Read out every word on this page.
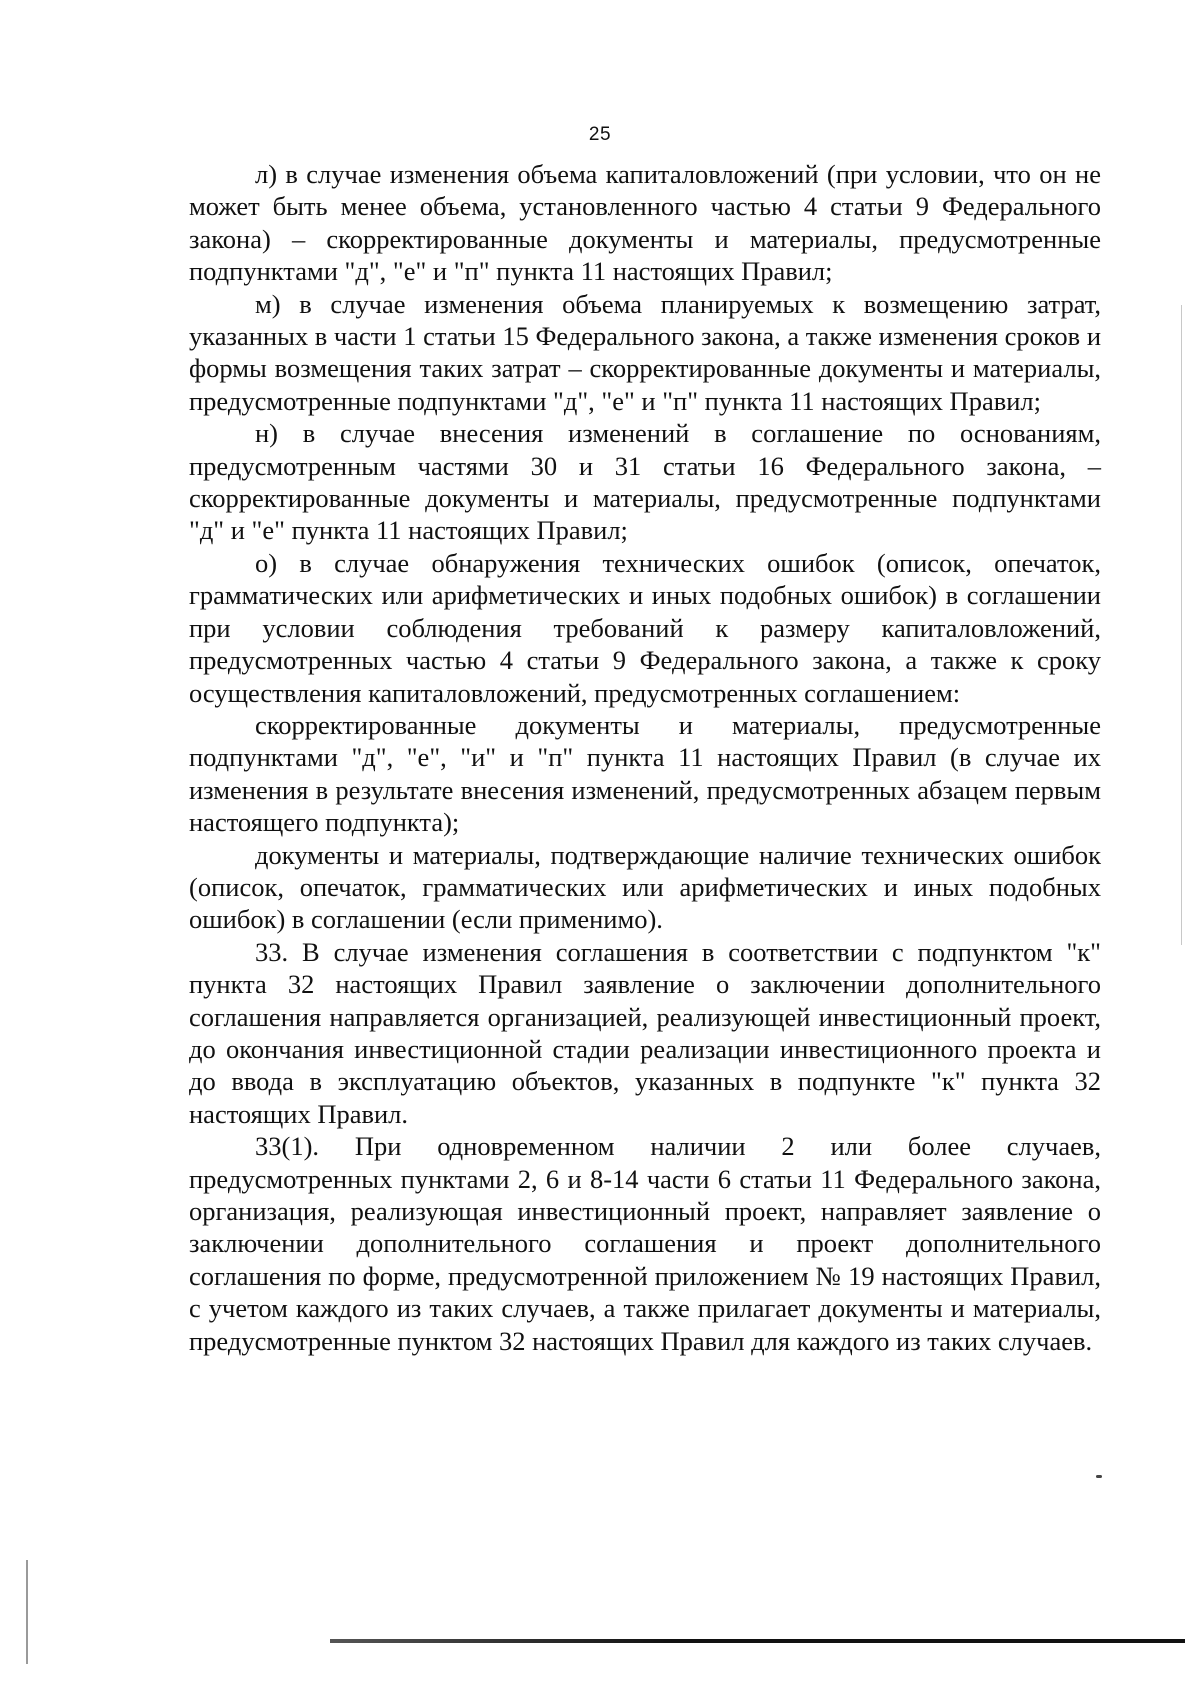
25

л) в случае изменения объема капиталовложений (при условии, что он не может быть менее объема, установленного частью 4 статьи 9 Федерального закона) – скорректированные документы и материалы, предусмотренные подпунктами "д", "е" и "п" пункта 11 настоящих Правил;

м) в случае изменения объема планируемых к возмещению затрат, указанных в части 1 статьи 15 Федерального закона, а также изменения сроков и формы возмещения таких затрат – скорректированные документы и материалы, предусмотренные подпунктами "д", "е" и "п" пункта 11 настоящих Правил;

н) в случае внесения изменений в соглашение по основаниям, предусмотренным частями 30 и 31 статьи 16 Федерального закона, – скорректированные документы и материалы, предусмотренные подпунктами "д" и "е" пункта 11 настоящих Правил;

о) в случае обнаружения технических ошибок (описок, опечаток, грамматических или арифметических и иных подобных ошибок) в соглашении при условии соблюдения требований к размеру капиталовложений, предусмотренных частью 4 статьи 9 Федерального закона, а также к сроку осуществления капиталовложений, предусмотренных соглашением:

скорректированные документы и материалы, предусмотренные подпунктами "д", "е", "и" и "п" пункта 11 настоящих Правил (в случае их изменения в результате внесения изменений, предусмотренных абзацем первым настоящего подпункта);

документы и материалы, подтверждающие наличие технических ошибок (описок, опечаток, грамматических или арифметических и иных подобных ошибок) в соглашении (если применимо).

33. В случае изменения соглашения в соответствии с подпунктом "к" пункта 32 настоящих Правил заявление о заключении дополнительного соглашения направляется организацией, реализующей инвестиционный проект, до окончания инвестиционной стадии реализации инвестиционного проекта и до ввода в эксплуатацию объектов, указанных в подпункте "к" пункта 32 настоящих Правил.

33(1). При одновременном наличии 2 или более случаев, предусмотренных пунктами 2, 6 и 8-14 части 6 статьи 11 Федерального закона, организация, реализующая инвестиционный проект, направляет заявление о заключении дополнительного соглашения и проект дополнительного соглашения по форме, предусмотренной приложением № 19 настоящих Правил, с учетом каждого из таких случаев, а также прилагает документы и материалы, предусмотренные пунктом 32 настоящих Правил для каждого из таких случаев.
